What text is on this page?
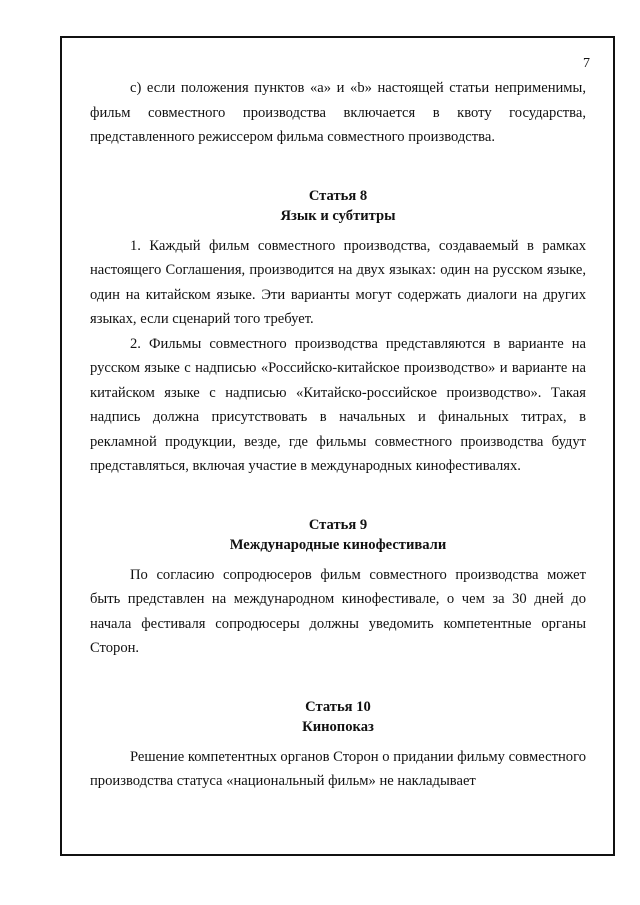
7

с) если положения пунктов «а» и «b» настоящей статьи неприменимы, фильм совместного производства включается в квоту государства, представленного режиссером фильма совместного производства.

Статья 8
Язык и субтитры

1. Каждый фильм совместного производства, создаваемый в рамках настоящего Соглашения, производится на двух языках: один на русском языке, один на китайском языке. Эти варианты могут содержать диалоги на других языках, если сценарий того требует.

2. Фильмы совместного производства представляются в варианте на русском языке с надписью «Российско-китайское производство» и варианте на китайском языке с надписью «Китайско-российское производство». Такая надпись должна присутствовать в начальных и финальных титрах, в рекламной продукции, везде, где фильмы совместного производства будут представляться, включая участие в международных кинофестивалях.

Статья 9
Международные кинофестивали

По согласию сопродюсеров фильм совместного производства может быть представлен на международном кинофестивале, о чем за 30 дней до начала фестиваля сопродюсеры должны уведомить компетентные органы Сторон.

Статья 10
Кинопоказ

Решение компетентных органов Сторон о придании фильму совместного производства статуса «национальный фильм» не накладывает
